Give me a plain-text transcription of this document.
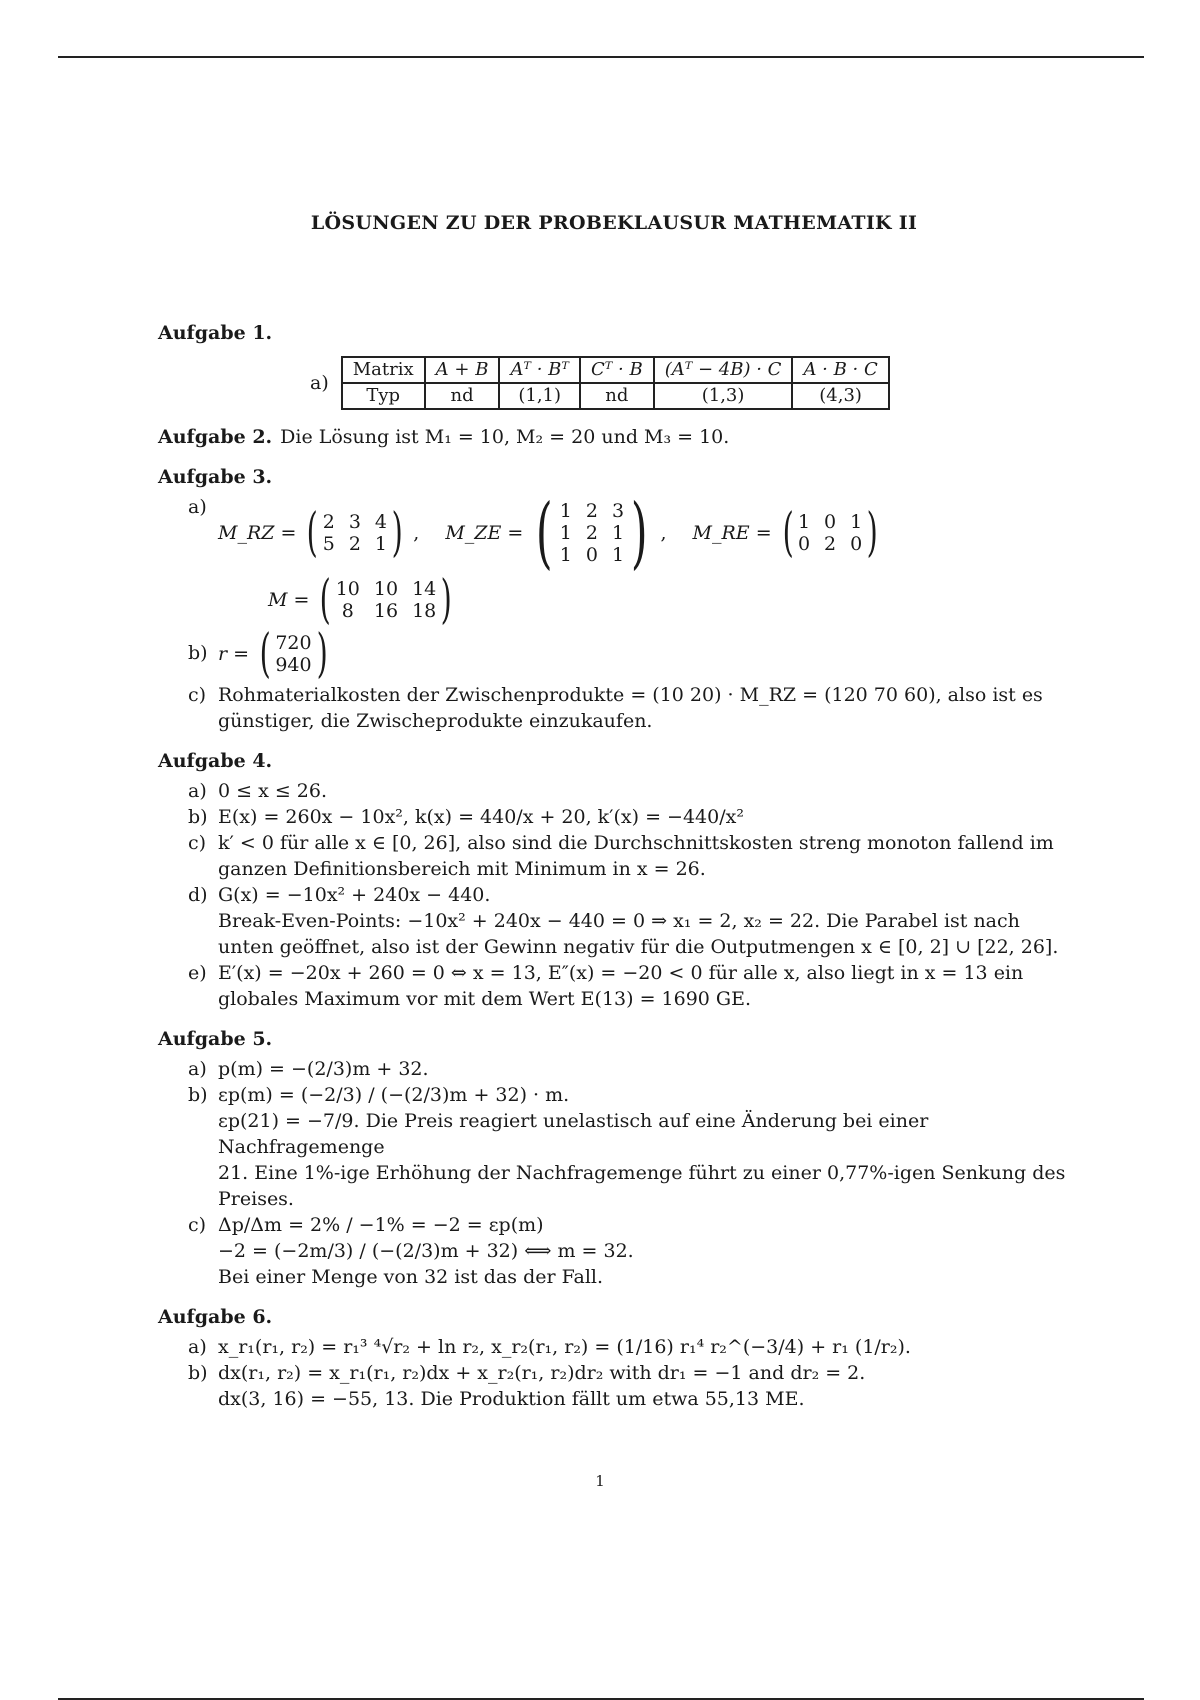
LÖSUNGEN ZU DER PROBEKLAUSUR MATHEMATIK II
Aufgabe 1.
a)
Matrix	A + B	Aᵀ · Bᵀ	Cᵀ · B	(Aᵀ − 4B) · C	A · B · C
Typ	nd	(1,1)	nd	(1,3)	(4,3)

Aufgabe 2. Die Lösung ist M₁ = 10, M₂ = 20 und M₃ = 10.

Aufgabe 3.
a)
M_RZ = ( 2 3 4
5 2 1 ) , M_ZE = ( 1 2 3
1 2 1
1 0 1 ) , M_RE = ( 1 0 1
0 2 0 )
M = ( 10 10 14
8	16 18 )
b) r = ( 720
940 )
c) Rohmaterialkosten der Zwischenprodukte = (10 20) · M_RZ = (120 70 60), also ist es

günstiger, die Zwischeprodukte einzukaufen.

Aufgabe 4.
a) 0 ≤ x ≤ 26.

b) E(x) = 260x − 10x², k(x) = 440/x + 20, k′(x) = −440/x²

c) k′ < 0 für alle x ∈ [0, 26], also sind die Durchschnittskosten streng monoton fallend im

ganzen Definitionsbereich mit Minimum in x = 26.

d) G(x) = −10x² + 240x − 440.

Break-Even-Points: −10x² + 240x − 440 = 0 ⇒ x₁ = 2, x₂ = 22. Die Parabel ist nach

unten geöffnet, also ist der Gewinn negativ für die Outputmengen x ∈ [0, 2] ∪ [22, 26].

e) E′(x) = −20x + 260 = 0 ⇔ x = 13, E″(x) = −20 < 0 für alle x, also liegt in x = 13 ein

globales Maximum vor mit dem Wert E(13) = 1690 GE.

Aufgabe 5.
a) p(m) = −(2/3)m + 32.

b) εp(m) = (−2/3) / (−(2/3)m + 32) · m.

εp(21) = −7/9. Die Preis reagiert unelastisch auf eine Änderung bei einer Nachfragemenge

21. Eine 1%-ige Erhöhung der Nachfragemenge führt zu einer 0,77%-igen Senkung des

Preises.

c) Δp/Δm = 2% / −1% = −2 = εp(m)

−2 = (−2m/3) / (−(2/3)m + 32) ⟺ m = 32.

Bei einer Menge von 32 ist das der Fall.

Aufgabe 6.
a) x_r₁(r₁, r₂) = r₁³ ⁴√r₂ + ln r₂, x_r₂(r₁, r₂) = (1/16) r₁⁴ r₂^(−3/4) + r₁ (1/r₂).

b) dx(r₁, r₂) = x_r₁(r₁, r₂)dx + x_r₂(r₁, r₂)dr₂ with dr₁ = −1 and dr₂ = 2.

dx(3, 16) = −55, 13. Die Produktion fällt um etwa 55,13 ME.

1
